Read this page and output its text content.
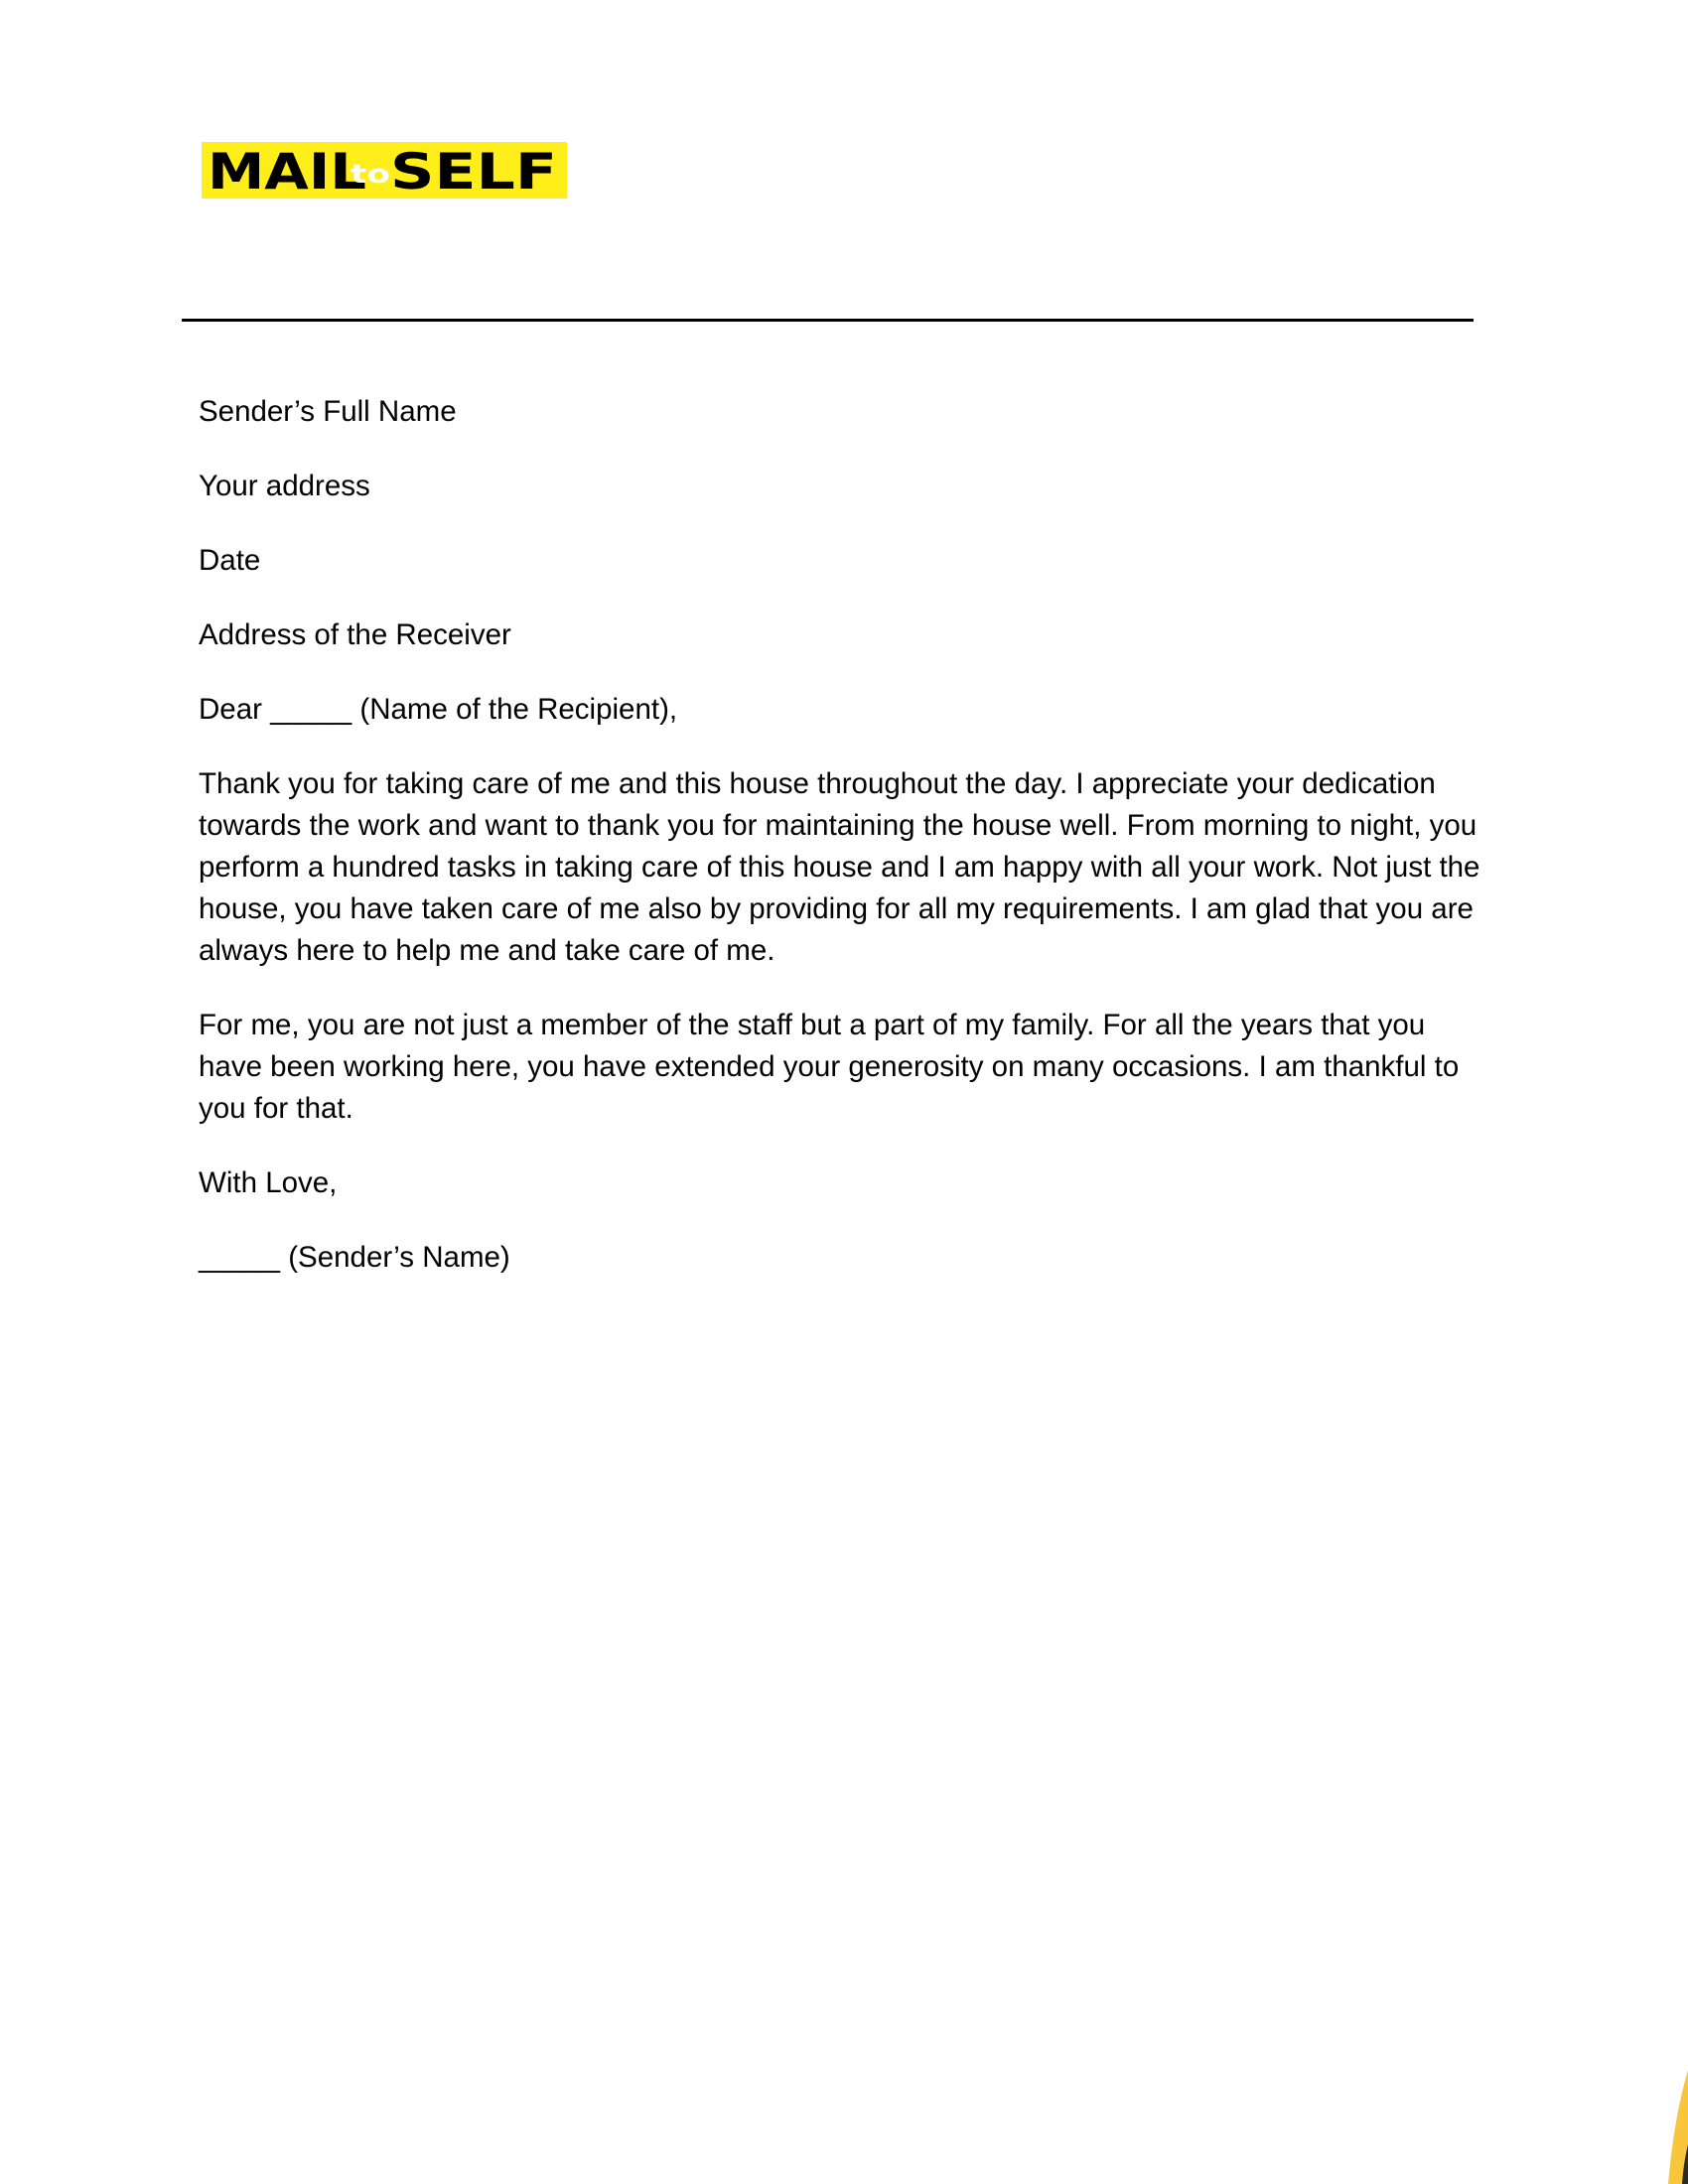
MAIL
to SELF

Sender’s Full Name

Your address

Date

Address of the Receiver

Dear _____ (Name of the Recipient),

Thank you for taking care of me and this house throughout the day. I appreciate your dedication towards the work and want to thank you for maintaining the house well. From morning to night, you perform a hundred tasks in taking care of this house and I am happy with all your work. Not just the house, you have taken care of me also by providing for all my requirements. I am glad that you are always here to help me and take care of me.

For me, you are not just a member of the staff but a part of my family. For all the years that you have been working here, you have extended your generosity on many occasions. I am thankful to you for that.

With Love,

_____ (Sender’s Name)
